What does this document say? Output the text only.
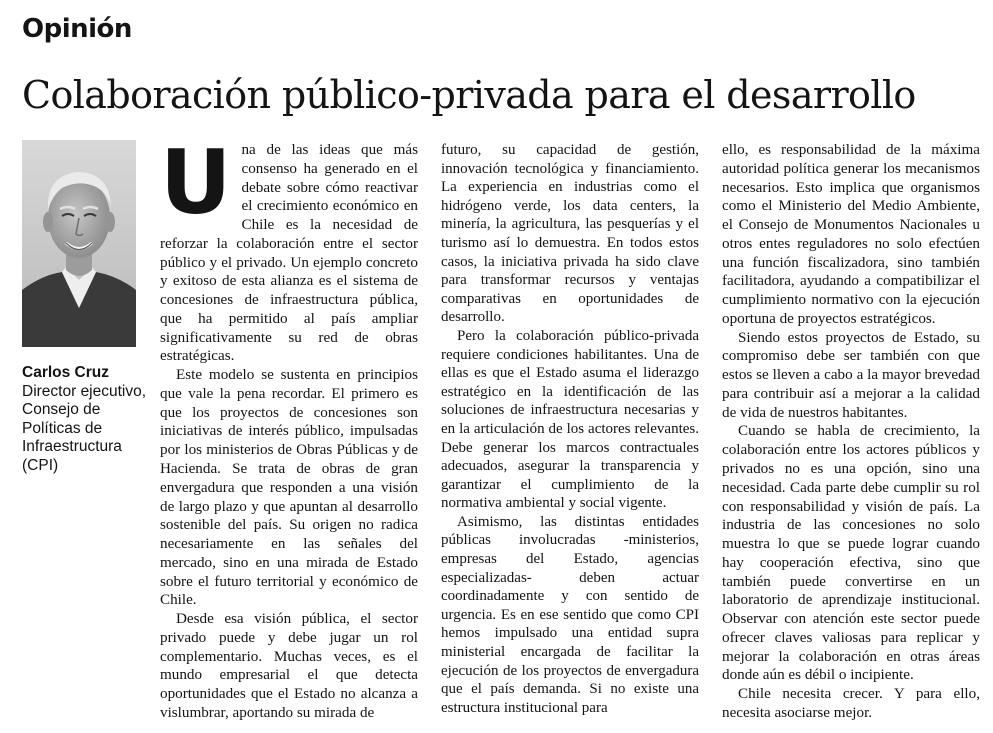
Opinión
Colaboración público-privada para el desarrollo
Carlos Cruz
Director ejecutivo, Consejo de Políticas de Infraestructura (CPI)

Una de las ideas que más consenso ha generado en el debate sobre cómo reactivar el crecimiento económico en Chile es la necesidad de reforzar la colaboración entre el sector público y el privado. Un ejemplo concreto y exitoso de esta alianza es el sistema de concesiones de infraestructura pública, que ha permitido al país ampliar significativamente su red de obras estratégicas.

Este modelo se sustenta en principios que vale la pena recordar. El primero es que los proyectos de concesiones son iniciativas de interés público, impulsadas por los ministerios de Obras Públicas y de Hacienda. Se trata de obras de gran envergadura que responden a una visión de largo plazo y que apuntan al desarrollo sostenible del país. Su origen no radica necesariamente en las señales del mercado, sino en una mirada de Estado sobre el futuro territorial y económico de Chile.

Desde esa visión pública, el sector privado puede y debe jugar un rol complementario. Muchas veces, es el mundo empresarial el que detecta oportunidades que el Estado no alcanza a vislumbrar, aportando su mirada de

futuro, su capacidad de gestión, innovación tecnológica y financiamiento. La experiencia en industrias como el hidrógeno verde, los data centers, la minería, la agricultura, las pesquerías y el turismo así lo demuestra. En todos estos casos, la iniciativa privada ha sido clave para transformar recursos y ventajas comparativas en oportunidades de desarrollo.

Pero la colaboración público-privada requiere condiciones habilitantes. Una de ellas es que el Estado asuma el liderazgo estratégico en la identificación de las soluciones de infraestructura necesarias y en la articulación de los actores relevantes. Debe generar los marcos contractuales adecuados, asegurar la transparencia y garantizar el cumplimiento de la normativa ambiental y social vigente.

Asimismo, las distintas entidades públicas involucradas -ministerios, empresas del Estado, agencias especializadas- deben actuar coordinadamente y con sentido de urgencia. Es en ese sentido que como CPI hemos impulsado una entidad supra ministerial encargada de facilitar la ejecución de los proyectos de envergadura que el país demanda. Si no existe una estructura institucional para

ello, es responsabilidad de la máxima autoridad política generar los mecanismos necesarios. Esto implica que organismos como el Ministerio del Medio Ambiente, el Consejo de Monumentos Nacionales u otros entes reguladores no solo efectúen una función fiscalizadora, sino también facilitadora, ayudando a compatibilizar el cumplimiento normativo con la ejecución oportuna de proyectos estratégicos.

Siendo estos proyectos de Estado, su compromiso debe ser también con que estos se lleven a cabo a la mayor brevedad para contribuir así a mejorar a la calidad de vida de nuestros habitantes.

Cuando se habla de crecimiento, la colaboración entre los actores públicos y privados no es una opción, sino una necesidad. Cada parte debe cumplir su rol con responsabilidad y visión de país. La industria de las concesiones no solo muestra lo que se puede lograr cuando hay cooperación efectiva, sino que también puede convertirse en un laboratorio de aprendizaje institucional. Observar con atención este sector puede ofrecer claves valiosas para replicar y mejorar la colaboración en otras áreas donde aún es débil o incipiente.

Chile necesita crecer. Y para ello, necesita asociarse mejor.
